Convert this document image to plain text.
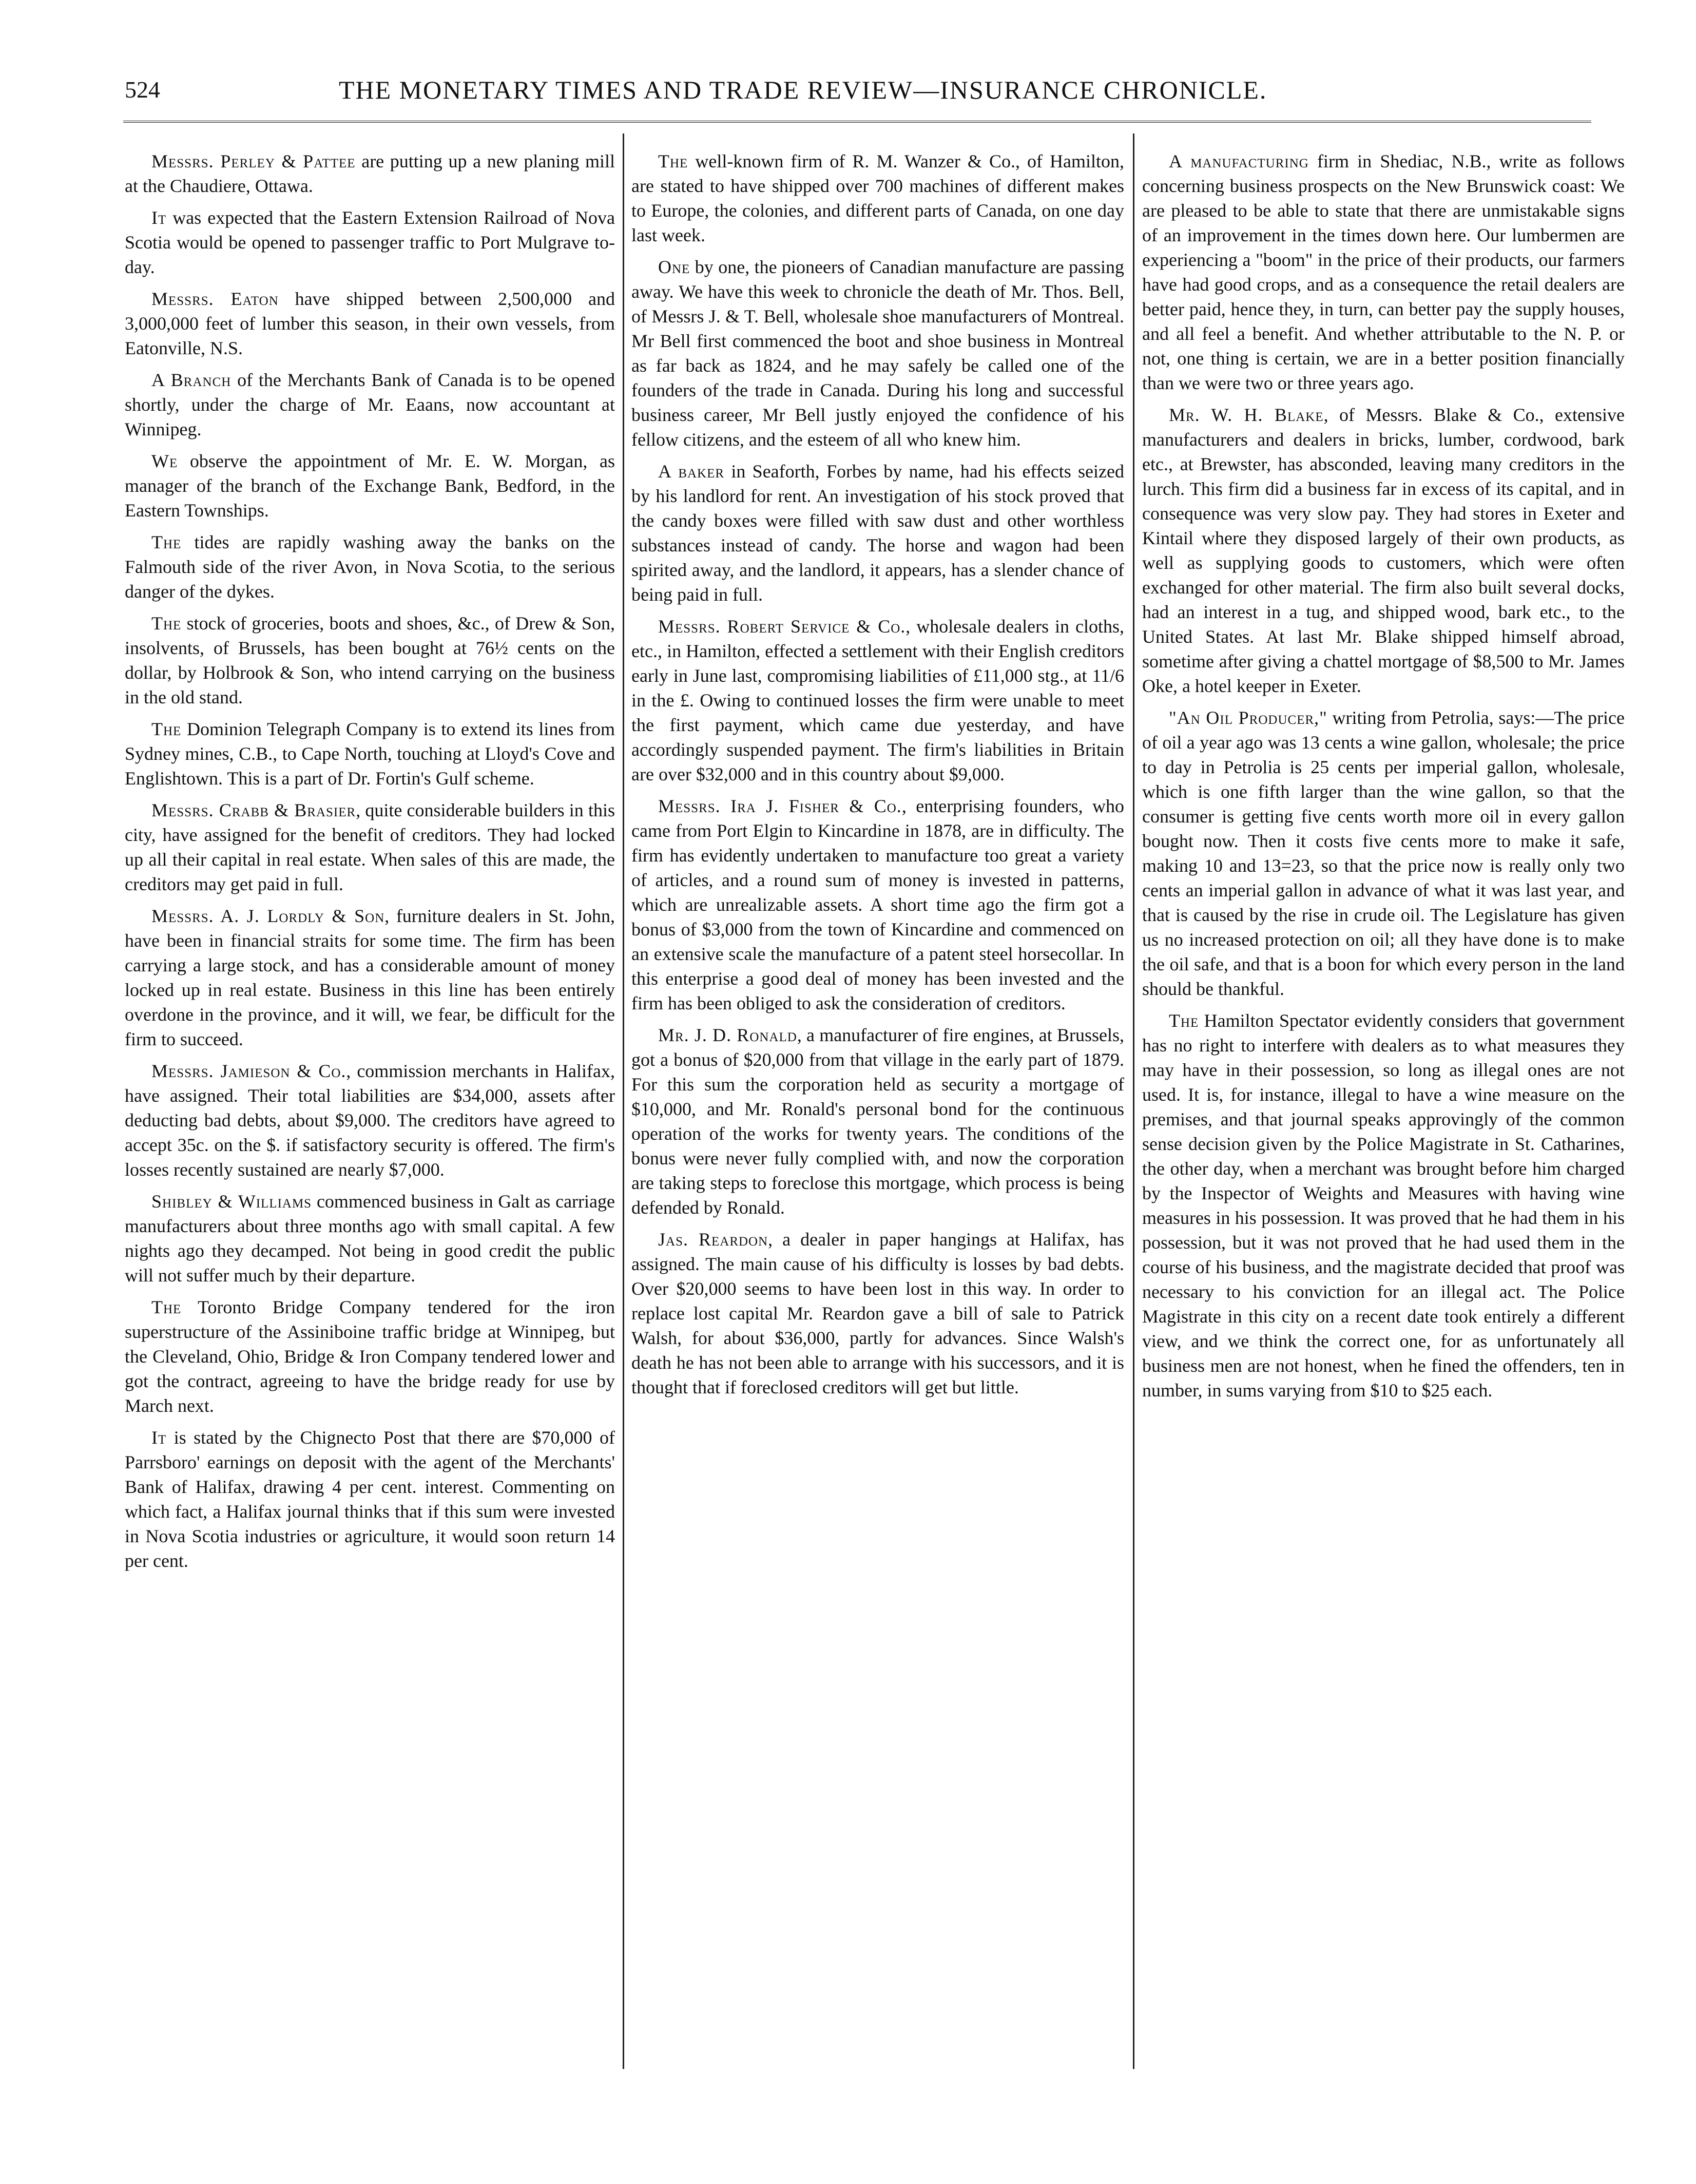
524	THE MONETARY TIMES AND TRADE REVIEW—INSURANCE CHRONICLE.

Messrs. Perley & Pattee are putting up a new planing mill at the Chaudiere, Ottawa.

It was expected that the Eastern Extension Railroad of Nova Scotia would be opened to passenger traffic to Port Mulgrave to-day.

Messrs. Eaton have shipped between 2,500,000 and 3,000,000 feet of lumber this season, in their own vessels, from Eatonville, N.S.

A Branch of the Merchants Bank of Canada is to be opened shortly, under the charge of Mr. Eaans, now accountant at Winnipeg.

We observe the appointment of Mr. E. W. Morgan, as manager of the branch of the Exchange Bank, Bedford, in the Eastern Townships.

The tides are rapidly washing away the banks on the Falmouth side of the river Avon, in Nova Scotia, to the serious danger of the dykes.

The stock of groceries, boots and shoes, &c., of Drew & Son, insolvents, of Brussels, has been bought at 76½ cents on the dollar, by Holbrook & Son, who intend carrying on the business in the old stand.

The Dominion Telegraph Company is to extend its lines from Sydney mines, C.B., to Cape North, touching at Lloyd's Cove and Englishtown. This is a part of Dr. Fortin's Gulf scheme.

Messrs. Crabb & Brasier, quite considerable builders in this city, have assigned for the benefit of creditors. They had locked up all their capital in real estate. When sales of this are made, the creditors may get paid in full.

Messrs. A. J. Lordly & Son, furniture dealers in St. John, have been in financial straits for some time. The firm has been carrying a large stock, and has a considerable amount of money locked up in real estate. Business in this line has been entirely overdone in the province, and it will, we fear, be difficult for the firm to succeed.

Messrs. Jamieson & Co., commission merchants in Halifax, have assigned. Their total liabilities are $34,000, assets after deducting bad debts, about $9,000. The creditors have agreed to accept 35c. on the $. if satisfactory security is offered. The firm's losses recently sustained are nearly $7,000.

Shibley & Williams commenced business in Galt as carriage manufacturers about three months ago with small capital. A few nights ago they decamped. Not being in good credit the public will not suffer much by their departure.

The Toronto Bridge Company tendered for the iron superstructure of the Assiniboine traffic bridge at Winnipeg, but the Cleveland, Ohio, Bridge & Iron Company tendered lower and got the contract, agreeing to have the bridge ready for use by March next.

It is stated by the Chignecto Post that there are $70,000 of Parrsboro' earnings on deposit with the agent of the Merchants' Bank of Halifax, drawing 4 per cent. interest. Commenting on which fact, a Halifax journal thinks that if this sum were invested in Nova Scotia industries or agriculture, it would soon return 14 per cent.

The well-known firm of R. M. Wanzer & Co., of Hamilton, are stated to have shipped over 700 machines of different makes to Europe, the colonies, and different parts of Canada, on one day last week.

One by one, the pioneers of Canadian manufacture are passing away. We have this week to chronicle the death of Mr. Thos. Bell, of Messrs J. & T. Bell, wholesale shoe manufacturers of Montreal. Mr Bell first commenced the boot and shoe business in Montreal as far back as 1824, and he may safely be called one of the founders of the trade in Canada. During his long and successful business career, Mr Bell justly enjoyed the confidence of his fellow citizens, and the esteem of all who knew him.

A baker in Seaforth, Forbes by name, had his effects seized by his landlord for rent. An investigation of his stock proved that the candy boxes were filled with saw dust and other worthless substances instead of candy. The horse and wagon had been spirited away, and the landlord, it appears, has a slender chance of being paid in full.

Messrs. Robert Service & Co., wholesale dealers in cloths, etc., in Hamilton, effected a settlement with their English creditors early in June last, compromising liabilities of £11,000 stg., at 11/6 in the £. Owing to continued losses the firm were unable to meet the first payment, which came due yesterday, and have accordingly suspended payment. The firm's liabilities in Britain are over $32,000 and in this country about $9,000.

Messrs. Ira J. Fisher & Co., enterprising founders, who came from Port Elgin to Kincardine in 1878, are in difficulty. The firm has evidently undertaken to manufacture too great a variety of articles, and a round sum of money is invested in patterns, which are unrealizable assets. A short time ago the firm got a bonus of $3,000 from the town of Kincardine and commenced on an extensive scale the manufacture of a patent steel horsecollar. In this enterprise a good deal of money has been invested and the firm has been obliged to ask the consideration of creditors.

Mr. J. D. Ronald, a manufacturer of fire engines, at Brussels, got a bonus of $20,000 from that village in the early part of 1879. For this sum the corporation held as security a mortgage of $10,000, and Mr. Ronald's personal bond for the continuous operation of the works for twenty years. The conditions of the bonus were never fully complied with, and now the corporation are taking steps to foreclose this mortgage, which process is being defended by Ronald.

Jas. Reardon, a dealer in paper hangings at Halifax, has assigned. The main cause of his difficulty is losses by bad debts. Over $20,000 seems to have been lost in this way. In order to replace lost capital Mr. Reardon gave a bill of sale to Patrick Walsh, for about $36,000, partly for advances. Since Walsh's death he has not been able to arrange with his successors, and it is thought that if foreclosed creditors will get but little.

A manufacturing firm in Shediac, N.B., write as follows concerning business prospects on the New Brunswick coast: We are pleased to be able to state that there are unmistakable signs of an improvement in the times down here. Our lumbermen are experiencing a "boom" in the price of their products, our farmers have had good crops, and as a consequence the retail dealers are better paid, hence they, in turn, can better pay the supply houses, and all feel a benefit. And whether attributable to the N. P. or not, one thing is certain, we are in a better position financially than we were two or three years ago.

Mr. W. H. Blake, of Messrs. Blake & Co., extensive manufacturers and dealers in bricks, lumber, cordwood, bark etc., at Brewster, has absconded, leaving many creditors in the lurch. This firm did a business far in excess of its capital, and in consequence was very slow pay. They had stores in Exeter and Kintail where they disposed largely of their own products, as well as supplying goods to customers, which were often exchanged for other material. The firm also built several docks, had an interest in a tug, and shipped wood, bark etc., to the United States. At last Mr. Blake shipped himself abroad, sometime after giving a chattel mortgage of $8,500 to Mr. James Oke, a hotel keeper in Exeter.

"An Oil Producer," writing from Petrolia, says:—The price of oil a year ago was 13 cents a wine gallon, wholesale; the price to day in Petrolia is 25 cents per imperial gallon, wholesale, which is one fifth larger than the wine gallon, so that the consumer is getting five cents worth more oil in every gallon bought now. Then it costs five cents more to make it safe, making 10 and 13=23, so that the price now is really only two cents an imperial gallon in advance of what it was last year, and that is caused by the rise in crude oil. The Legislature has given us no increased protection on oil; all they have done is to make the oil safe, and that is a boon for which every person in the land should be thankful.

The Hamilton Spectator evidently considers that government has no right to interfere with dealers as to what measures they may have in their possession, so long as illegal ones are not used. It is, for instance, illegal to have a wine measure on the premises, and that journal speaks approvingly of the common sense decision given by the Police Magistrate in St. Catharines, the other day, when a merchant was brought before him charged by the Inspector of Weights and Measures with having wine measures in his possession. It was proved that he had them in his possession, but it was not proved that he had used them in the course of his business, and the magistrate decided that proof was necessary to his conviction for an illegal act. The Police Magistrate in this city on a recent date took entirely a different view, and we think the correct one, for as unfortunately all business men are not honest, when he fined the offenders, ten in number, in sums varying from $10 to $25 each.
